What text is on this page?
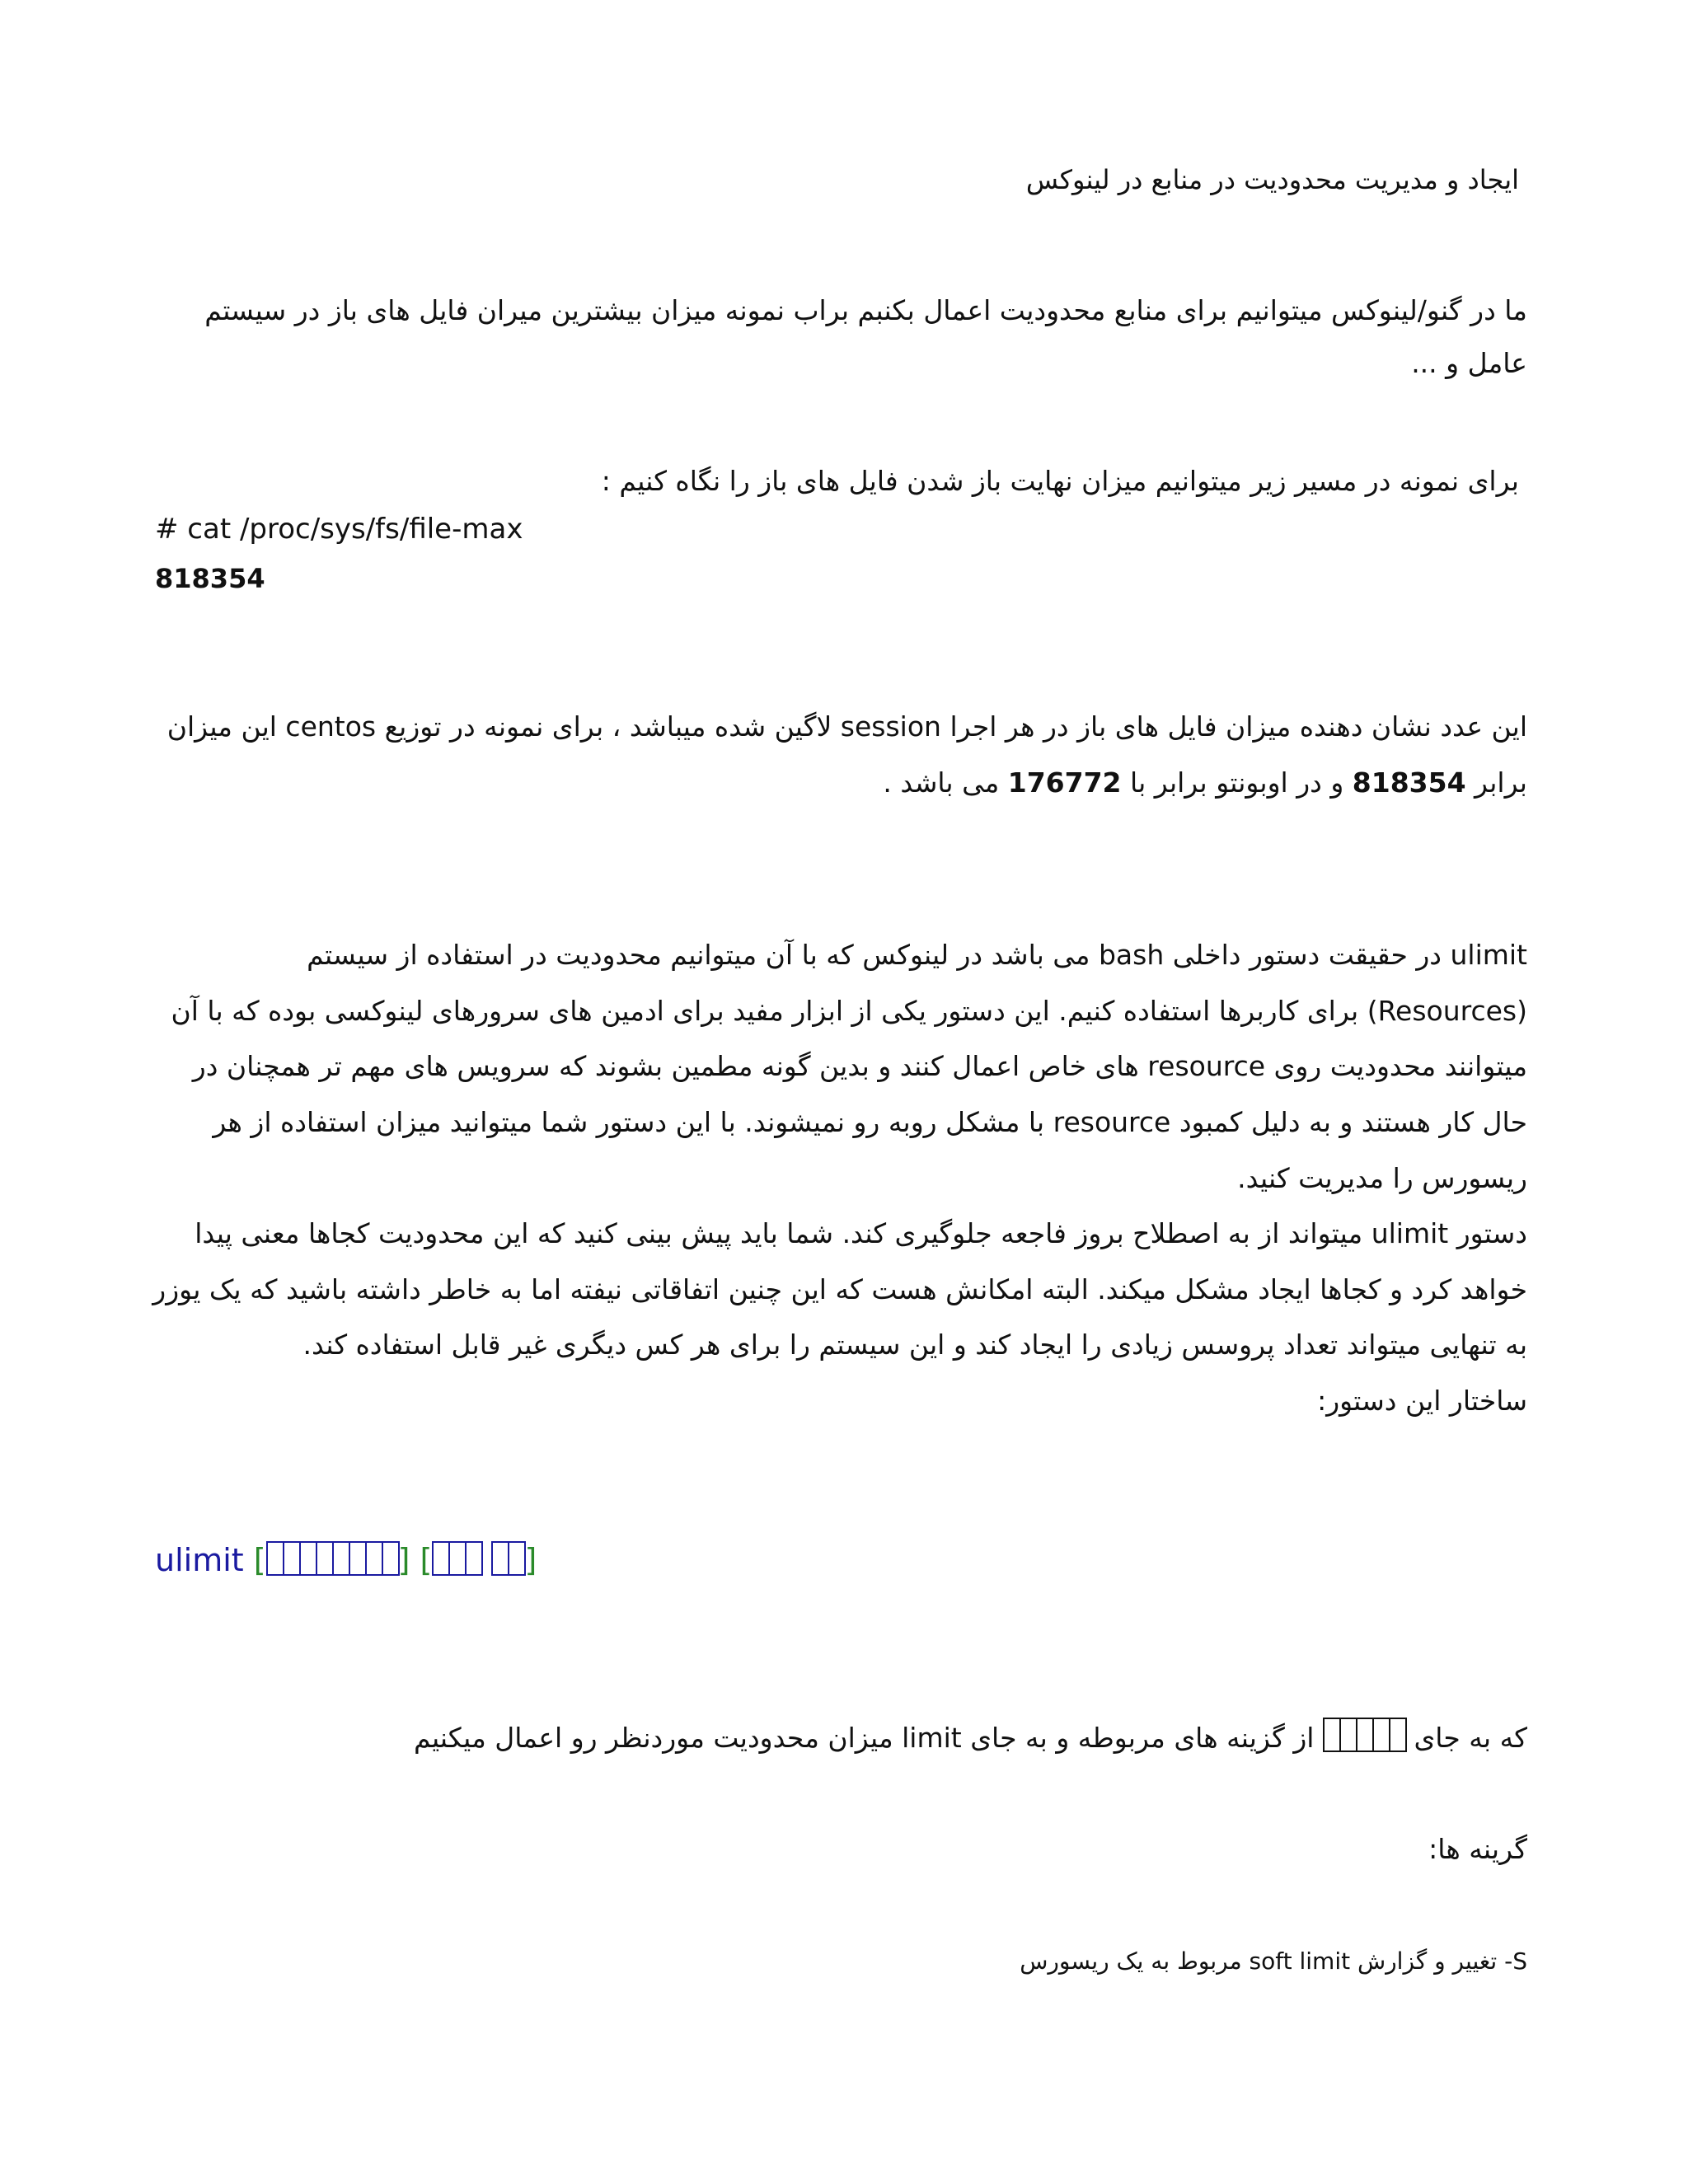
ایجاد و مدیریت محدودیت در منابع در لینوکس
ما در گنو/لینوکس میتوانیم برای منابع محدودیت اعمال بکنبم براب نمونه میزان بیشترین میران فایل های باز در سیستم عامل و ...
برای نمونه در مسیر زیر میتوانیم میزان نهایت باز شدن فایل های باز را نگاه کنیم :
# cat /proc/sys/fs/file-max
818354
این عدد نشان دهنده میزان فایل های باز در هر اجرا session لاگین شده میباشد ، برای نمونه در توزیع centos این میزان برابر 818354 و در اوبونتو برابر با 176772 می باشد .
ulimit در حقیقت دستور داخلی bash می باشد در لینوکس که با آن میتوانیم محدودیت در استفاده از سیستم (Resources) برای کاربرها استفاده کنیم. این دستور یکی از ابزار مفید برای ادمین های سرورهای لینوکسی بوده که با آن میتوانند محدودیت روی resource های خاص اعمال کنند و بدین گونه مطمین بشوند که سرویس های مهم تر همچنان در حال کار هستند و به دلیل کمبود resource با مشکل روبه رو نمیشوند. با این دستور شما میتوانید میزان استفاده از هر ریسورس را مدیریت کنید.
دستور ulimit میتواند از به اصطلاح بروز فاجعه جلوگیری کند. شما باید پیش بینی کنید که این محدودیت کجاها معنی پیدا خواهد کرد و کجاها ایجاد مشکل میکند. البته امکانش هست که این چنین اتفاقاتی نیفته اما به خاطر داشته باشید که یک یوزر به تنهایی میتواند تعداد پروسس زیادی را ایجاد کند و این سیستم را برای هر کس دیگری غیر قابل استفاده کند.
ساختار این دستور:
ulimit [	] [	]
که به جای  از گزینه های مربوطه و به جای limit میزان محدودیت موردنظر رو اعمال میکنیم
گرینه ها:
S- تغییر و گزارش soft limit مربوط به یک ریسورس
